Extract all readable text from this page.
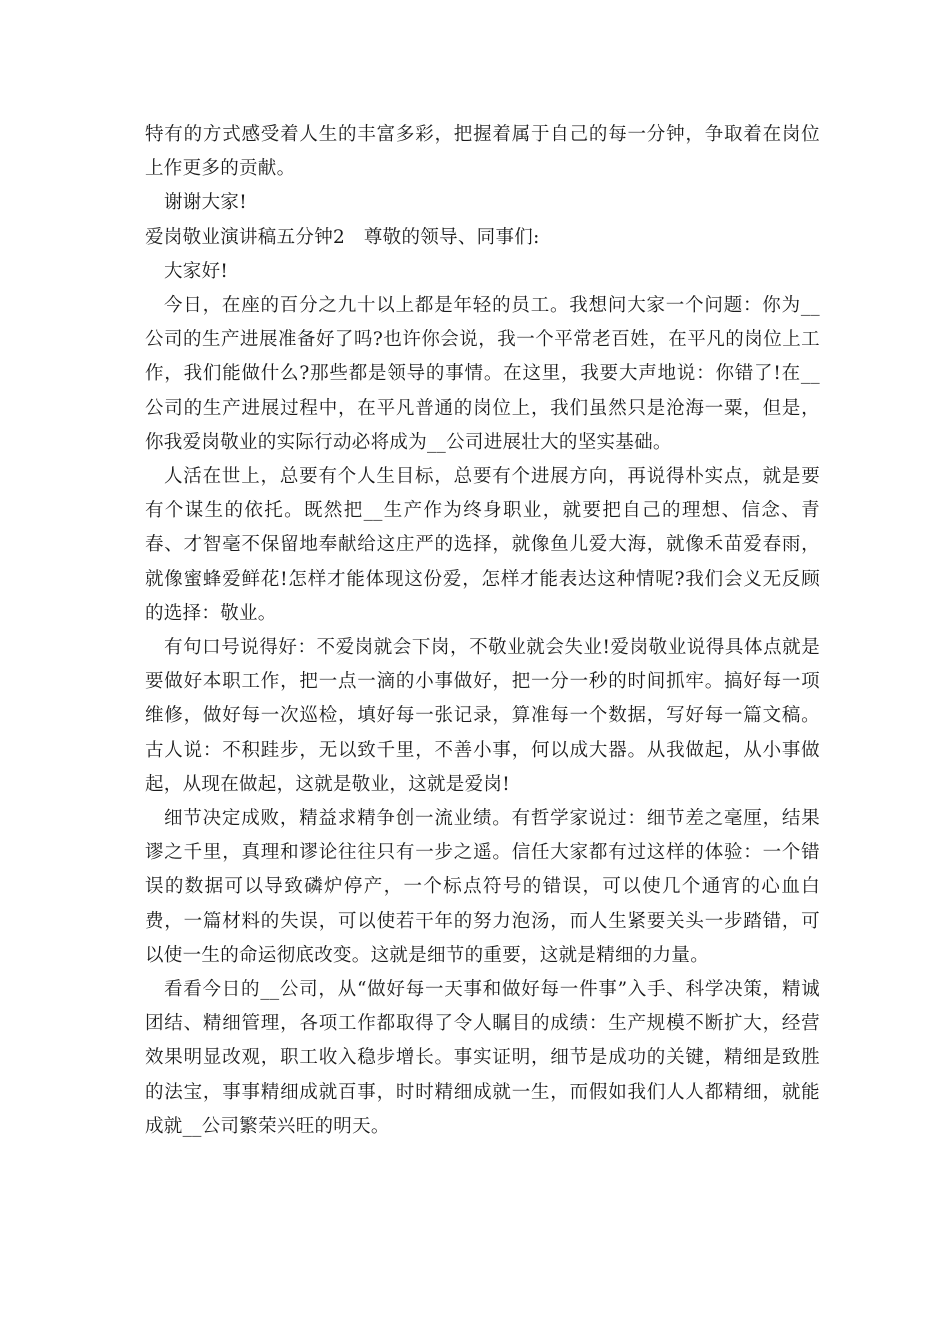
特有的方式感受着人生的丰富多彩，把握着属于自己的每一分钟，争取着在岗位上作更多的贡献。

谢谢大家!

爱岗敬业演讲稿五分钟2　尊敬的领导、同事们:

大家好!

今日，在座的百分之九十以上都是年轻的员工。我想问大家一个问题：你为__公司的生产进展准备好了吗?也许你会说，我一个平常老百姓，在平凡的岗位上工作，我们能做什么?那些都是领导的事情。在这里，我要大声地说：你错了!在__公司的生产进展过程中，在平凡普通的岗位上，我们虽然只是沧海一粟，但是，你我爱岗敬业的实际行动必将成为__公司进展壮大的坚实基础。

人活在世上，总要有个人生目标，总要有个进展方向，再说得朴实点，就是要有个谋生的依托。既然把__生产作为终身职业，就要把自己的理想、信念、青春、才智毫不保留地奉献给这庄严的选择，就像鱼儿爱大海，就像禾苗爱春雨，就像蜜蜂爱鲜花!怎样才能体现这份爱，怎样才能表达这种情呢?我们会义无反顾的选择：敬业。

有句口号说得好：不爱岗就会下岗，不敬业就会失业!爱岗敬业说得具体点就是要做好本职工作，把一点一滴的小事做好，把一分一秒的时间抓牢。搞好每一项维修，做好每一次巡检，填好每一张记录，算准每一个数据，写好每一篇文稿。古人说：不积跬步，无以致千里，不善小事，何以成大器。从我做起，从小事做起，从现在做起，这就是敬业，这就是爱岗!

细节决定成败，精益求精争创一流业绩。有哲学家说过：细节差之毫厘，结果谬之千里，真理和谬论往往只有一步之遥。信任大家都有过这样的体验：一个错误的数据可以导致磷炉停产，一个标点符号的错误，可以使几个通宵的心血白费，一篇材料的失误，可以使若干年的努力泡汤，而人生紧要关头一步踏错，可以使一生的命运彻底改变。这就是细节的重要，这就是精细的力量。

看看今日的__公司，从“做好每一天事和做好每一件事”入手、科学决策，精诚团结、精细管理，各项工作都取得了令人瞩目的成绩：生产规模不断扩大，经营效果明显改观，职工收入稳步增长。事实证明，细节是成功的关键，精细是致胜的法宝，事事精细成就百事，时时精细成就一生，而假如我们人人都精细，就能成就__公司繁荣兴旺的明天。
